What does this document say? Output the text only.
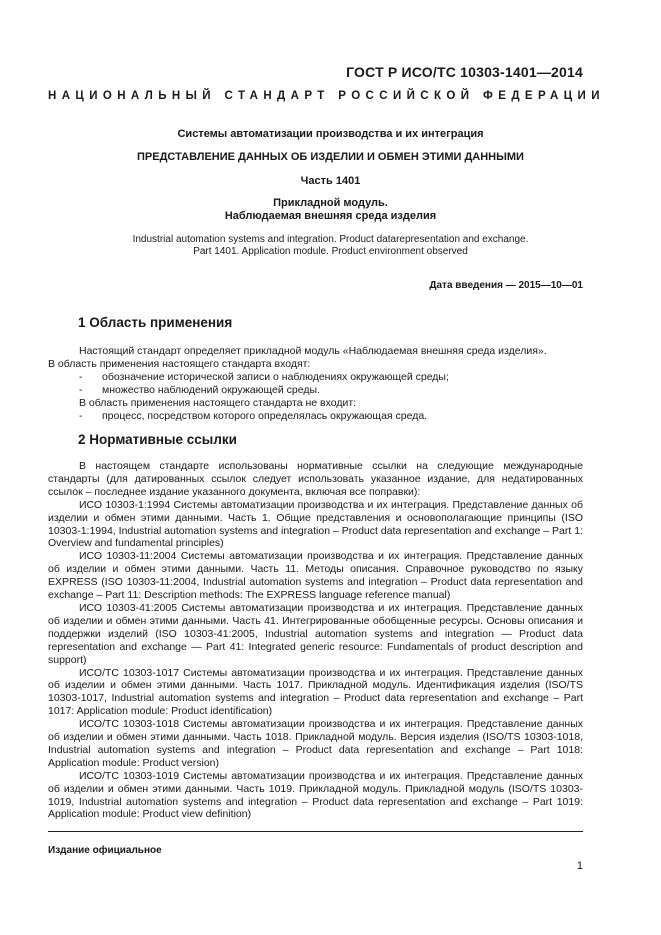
ГОСТ Р ИСО/ТС 10303-1401—2014
НАЦИОНАЛЬНЫЙ СТАНДАРТ РОССИЙСКОЙ ФЕДЕРАЦИИ
Системы автоматизации производства и их интеграция
ПРЕДСТАВЛЕНИЕ ДАННЫХ ОБ ИЗДЕЛИИ И ОБМЕН ЭТИМИ ДАННЫМИ
Часть 1401
Прикладной модуль.
Наблюдаемая внешняя среда изделия
Industrial automation systems and integration. Product datarepresentation and exchange.
Part 1401. Application module. Product environment observed
Дата введения — 2015—10—01
1 Область применения

Настоящий стандарт определяет прикладной модуль «Наблюдаемая внешняя среда изделия».

В область применения настоящего стандарта входят:

- обозначение исторической записи о наблюдениях окружающей среды;
- множество наблюдений окружающей среды.

В область применения настоящего стандарта не входит:

- процесс, посредством которого определялась окружающая среда.
2 Нормативные ссылки

В настоящем стандарте использованы нормативные ссылки на следующие международные стандарты (для датированных ссылок следует использовать указанное издание, для недатированных ссылок – последнее издание указанного документа, включая все поправки):

ИСО 10303-1:1994 Системы автоматизации производства и их интеграция. Представление данных об изделии и обмен этими данными. Часть 1. Общие представления и основополагающие принципы (ISO 10303-1:1994, Industrial automation systems and integration – Product data representation and exchange – Part 1: Overview and fundamental principles)

ИСО 10303-11:2004 Системы автоматизации производства и их интеграция. Представление данных об изделии и обмен этими данными. Часть 11. Методы описания. Справочное руководство по языку EXPRESS (ISO 10303-11:2004, Industrial automation systems and integration – Product data representation and exchange – Part 11: Description methods: The EXPRESS language reference manual)

ИСО 10303-41:2005 Системы автоматизации производства и их интеграция. Представление данных об изделии и обмен этими данными. Часть 41. Интегрированные обобщенные ресурсы. Основы описания и поддержки изделий (ISO 10303-41:2005, Industrial automation systems and integration — Product data representation and exchange — Part 41: Integrated generic resource: Fundamentals of product description and support)

ИСО/ТС 10303-1017 Системы автоматизации производства и их интеграция. Представление данных об изделии и обмен этими данными. Часть 1017. Прикладной модуль. Идентификация изделия (ISO/TS 10303-1017, Industrial automation systems and integration – Product data representation and exchange – Part 1017: Application module: Product identification)

ИСО/ТС 10303-1018 Системы автоматизации производства и их интеграция. Представление данных об изделии и обмен этими данными. Часть 1018. Прикладной модуль. Версия изделия (ISO/TS 10303-1018, Industrial automation systems and integration – Product data representation and exchange – Part 1018: Application module: Product version)

ИСО/ТС 10303-1019 Системы автоматизации производства и их интеграция. Представление данных об изделии и обмен этими данными. Часть 1019. Прикладной модуль. Прикладной модуль (ISO/TS 10303-1019, Industrial automation systems and integration – Product data representation and exchange – Part 1019: Application module: Product view definition)

Издание официальное
1
